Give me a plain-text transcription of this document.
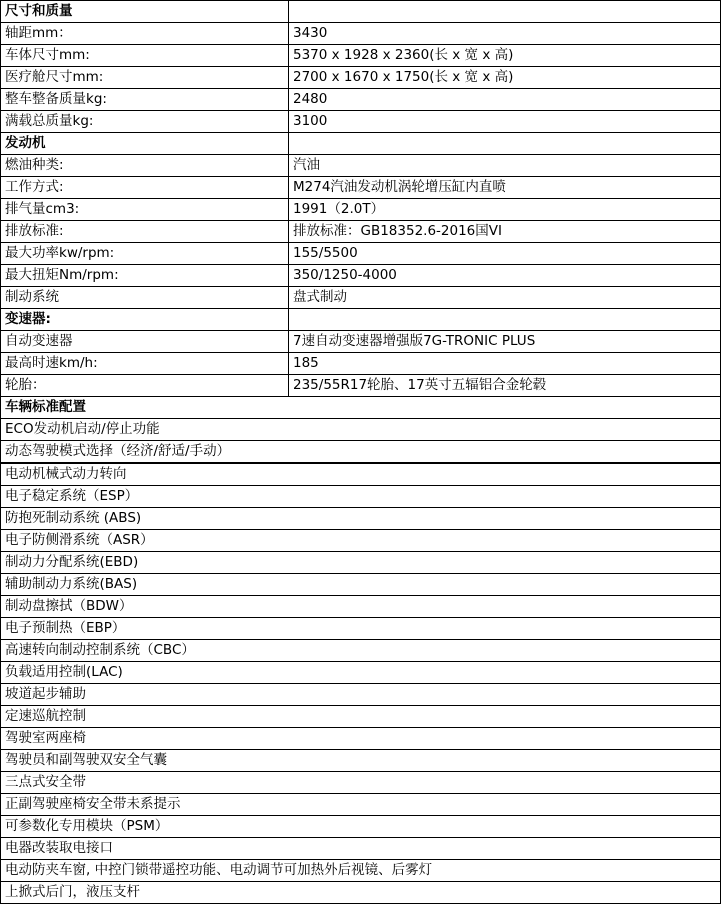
尺寸和质量	
轴距mm：	3430
车体尺寸mm:	5370 x 1928 x 2360(长 x 宽 x 高)
医疗舱尺寸mm:	2700 x 1670 x 1750(长 x 宽 x 高)
整车整备质量kg:	2480
满载总质量kg:	3100
发动机	
燃油种类:	汽油
工作方式:	M274汽油发动机涡轮增压缸内直喷
排气量cm3:	1991（2.0T）
排放标准:	排放标准：GB18352.6-2016国VI
最大功率kw/rpm:	155/5500
最大扭矩Nm/rpm:	350/1250-4000
制动系统	盘式制动
变速器:	
自动变速器	7速自动变速器增强版7G-TRONIC PLUS
最高时速km/h:	185
轮胎：	235/55R17轮胎、17英寸五辐铝合金轮毂
车辆标准配置	
ECO发动机启动/停止功能	
动态驾驶模式选择（经济/舒适/手动）	
电动机械式动力转向	
电子稳定系统（ESP）	
防抱死制动系统 (ABS)	
电子防侧滑系统（ASR）	
制动力分配系统(EBD)	
辅助制动力系统(BAS)	
制动盘擦拭（BDW）	
电子预制热（EBP）	
高速转向制动控制系统（CBC）	
负载适用控制(LAC)	
坡道起步辅助	
定速巡航控制	
驾驶室两座椅	
驾驶员和副驾驶双安全气囊	
三点式安全带	
正副驾驶座椅安全带未系提示	
可参数化专用模块（PSM）	
电器改装取电接口	
电动防夹车窗, 中控门锁带遥控功能、电动调节可加热外后视镜、后雾灯	
上掀式后门，液压支杆	
